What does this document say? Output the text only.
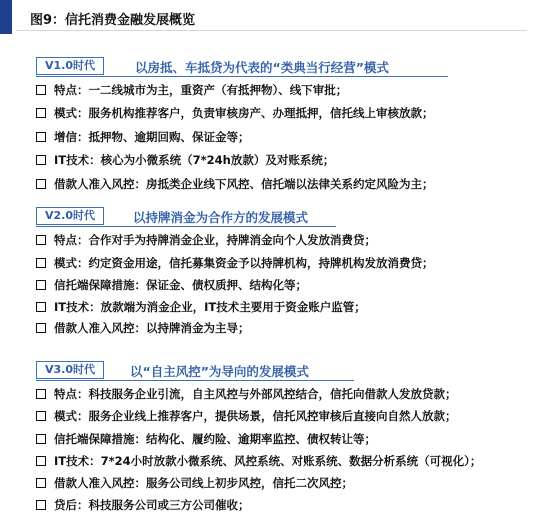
图9：信托消费金融发展概览
V1.0时代	以房抵、车抵贷为代表的“类典当行经营”模式
特点：一二线城市为主，重资产（有抵押物）、线下审批；
模式：服务机构推荐客户，负责审核房产、办理抵押，信托线上审核放款；
增信：抵押物、逾期回购、保证金等；
IT技术：核心为小微系统（7*24h放款）及对账系统；
借款人准入风控：房抵类企业线下风控、信托端以法律关系约定风险为主；
V2.0时代	以持牌消金为合作方的发展模式
特点：合作对手为持牌消金企业，持牌消金向个人发放消费贷；
模式：约定资金用途，信托募集资金予以持牌机构，持牌机构发放消费贷；
信托端保障措施：保证金、债权质押、结构化等；
IT技术：放款端为消金企业，IT技术主要用于资金账户监管；
借款人准入风控：以持牌消金为主导；
V3.0时代	以“自主风控”为导向的发展模式
特点：科技服务企业引流，自主风控与外部风控结合，信托向借款人发放贷款；
模式：服务企业线上推荐客户，提供场景，信托风控审核后直接向自然人放款；
信托端保障措施：结构化、履约险、逾期率监控、债权转让等；
IT技术：7*24小时放款小微系统、风控系统、对账系统、数据分析系统（可视化）；
借款人准入风控：服务公司线上初步风控，信托二次风控；
贷后：科技服务公司或三方公司催收；
